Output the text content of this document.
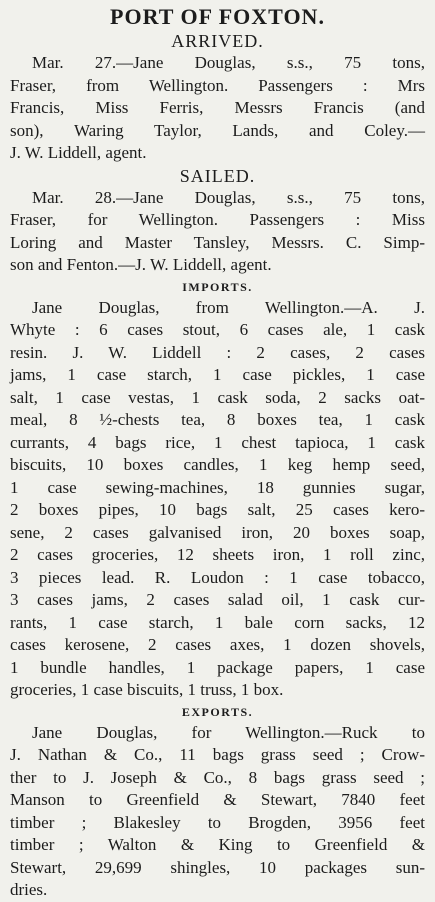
PORT OF FOXTON.
ARRIVED.
Mar. 27.—Jane Douglas, s.s., 75 tons,
Fraser, from Wellington. Passengers : Mrs
Francis, Miss Ferris, Messrs Francis (and
son), Waring Taylor, Lands, and Coley.—
J. W. Liddell, agent.
SAILED.
Mar. 28.—Jane Douglas, s.s., 75 tons,
Fraser, for Wellington. Passengers : Miss
Loring and Master Tansley, Messrs. C. Simp-
son and Fenton.—J. W. Liddell, agent.
IMPORTS.
Jane Douglas, from Wellington.—A. J.
Whyte : 6 cases stout, 6 cases ale, 1 cask
resin. J. W. Liddell : 2 cases, 2 cases
jams, 1 case starch, 1 case pickles, 1 case
salt, 1 case vestas, 1 cask soda, 2 sacks oat-
meal, 8 ½-chests tea, 8 boxes tea, 1 cask
currants, 4 bags rice, 1 chest tapioca, 1 cask
biscuits, 10 boxes candles, 1 keg hemp seed,
1 case sewing-machines, 18 gunnies sugar,
2 boxes pipes, 10 bags salt, 25 cases kero-
sene, 2 cases galvanised iron, 20 boxes soap,
2 cases groceries, 12 sheets iron, 1 roll zinc,
3 pieces lead. R. Loudon : 1 case tobacco,
3 cases jams, 2 cases salad oil, 1 cask cur-
rants, 1 case starch, 1 bale corn sacks, 12
cases kerosene, 2 cases axes, 1 dozen shovels,
1 bundle handles, 1 package papers, 1 case
groceries, 1 case biscuits, 1 truss, 1 box.
EXPORTS.
Jane Douglas, for Wellington.—Ruck to
J. Nathan & Co., 11 bags grass seed ; Crow-
ther to J. Joseph & Co., 8 bags grass seed ;
Manson to Greenfield & Stewart, 7840 feet
timber ; Blakesley to Brogden, 3956 feet
timber ; Walton & King to Greenfield &
Stewart, 29,699 shingles, 10 packages sun-
dries.
